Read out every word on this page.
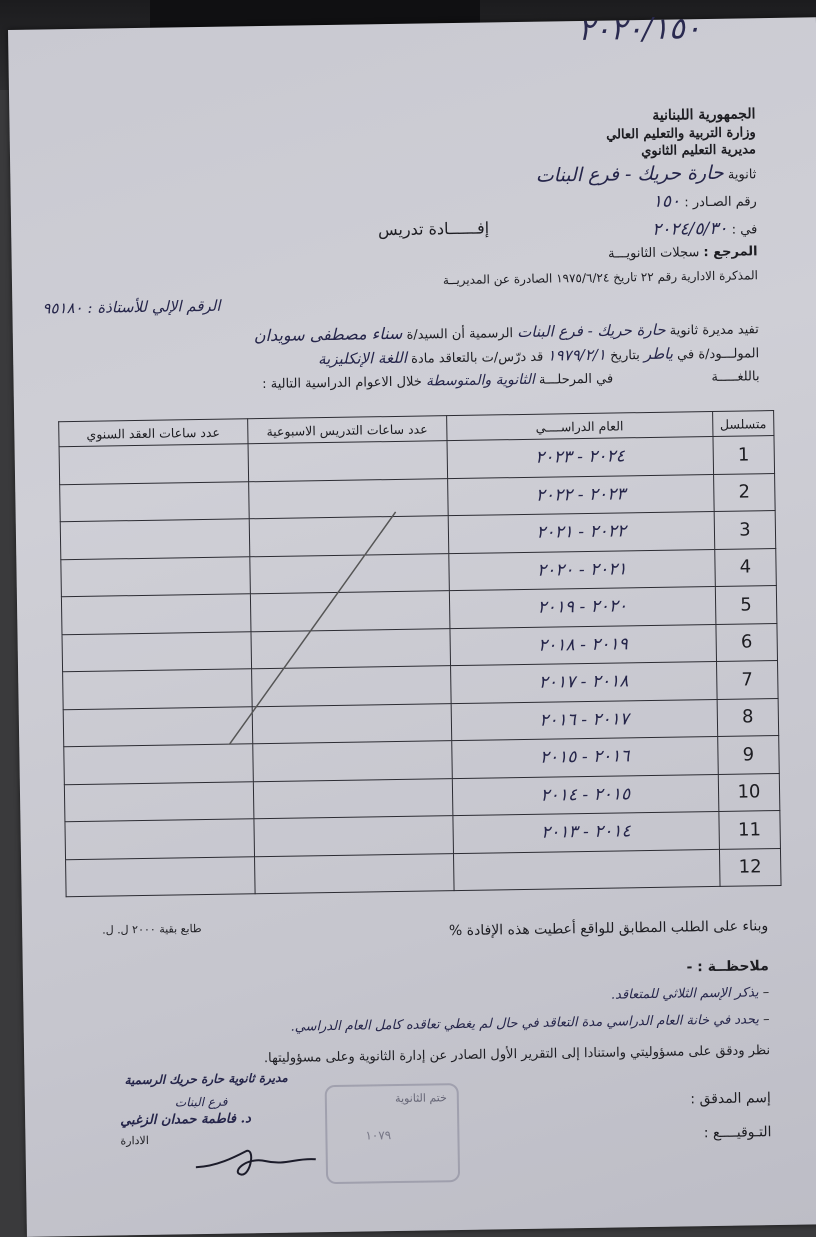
٢٠٢٠/١٥٠
الجمهورية اللبنانية
وزارة التربية والتعليم العالي
مديرية التعليم الثانوي
ثانوية حارة حريك - فرع البنات
رقم الصـادر : ١٥٠
إفــــــادة تدريس	في : ٢٠٢٤/٥/٣٠
المرجع : سجلات الثانويـــة
المذكرة الادارية رقم ٢٢ تاريخ ١٩٧٥/٦/٢٤ الصادرة عن المديريــة
الرقم الإلي للأستاذة : ٩٥١٨٠
تفيد مديرة ثانوية حارة حريك - فرع البنات الرسمية أن السيد/ة سناء مصطفى سويدان
المولـــود/ة في ياطر بتاريخ ١٩٧٩/٢/١ قد درّس/ت بالتعاقد مادة اللغة الإنكليزية
باللغـــــة  في المرحلـــة الثانوية والمتوسطة خلال الاعوام الدراسية التالية :
متسلسل	العام الدراســــي	عدد ساعات التدريس الاسبوعية	عدد ساعات العقد السنوي
1	٢٠٢٤ - ٢٠٢٣		
2	٢٠٢٣ - ٢٠٢٢		
3	٢٠٢٢ - ٢٠٢١		
4	٢٠٢١ - ٢٠٢٠		
5	٢٠٢٠ - ٢٠١٩		
6	٢٠١٩ - ٢٠١٨		
7	٢٠١٨ - ٢٠١٧		
8	٢٠١٧ - ٢٠١٦		
9	٢٠١٦ - ٢٠١٥		
10	٢٠١٥ - ٢٠١٤		
11	٢٠١٤ - ٢٠١٣		
12			
طابع بقية ٢٠٠٠ ل. ل.	وبناء على الطلب المطابق للواقع أعطيت هذه الإفادة %
ملاحظــة : -
– يذكر الإسم الثلاثي للمتعاقد.
– يحدد في خانة العام الدراسي مدة التعاقد في حال لم يغطي تعاقده كامل العام الدراسي.
نظر ودقق على مسؤوليتي واستنادا إلى التقرير الأول الصادر عن إدارة الثانوية وعلى مسؤوليتها.
ختم الثانوية
١٠٧٩
إسم المدقق :
التـوقيــــع :
مديرة ثانوية حارة حريك الرسمية
فرع البنات
د. فاطمة حمدان الزغبي
الادارة
